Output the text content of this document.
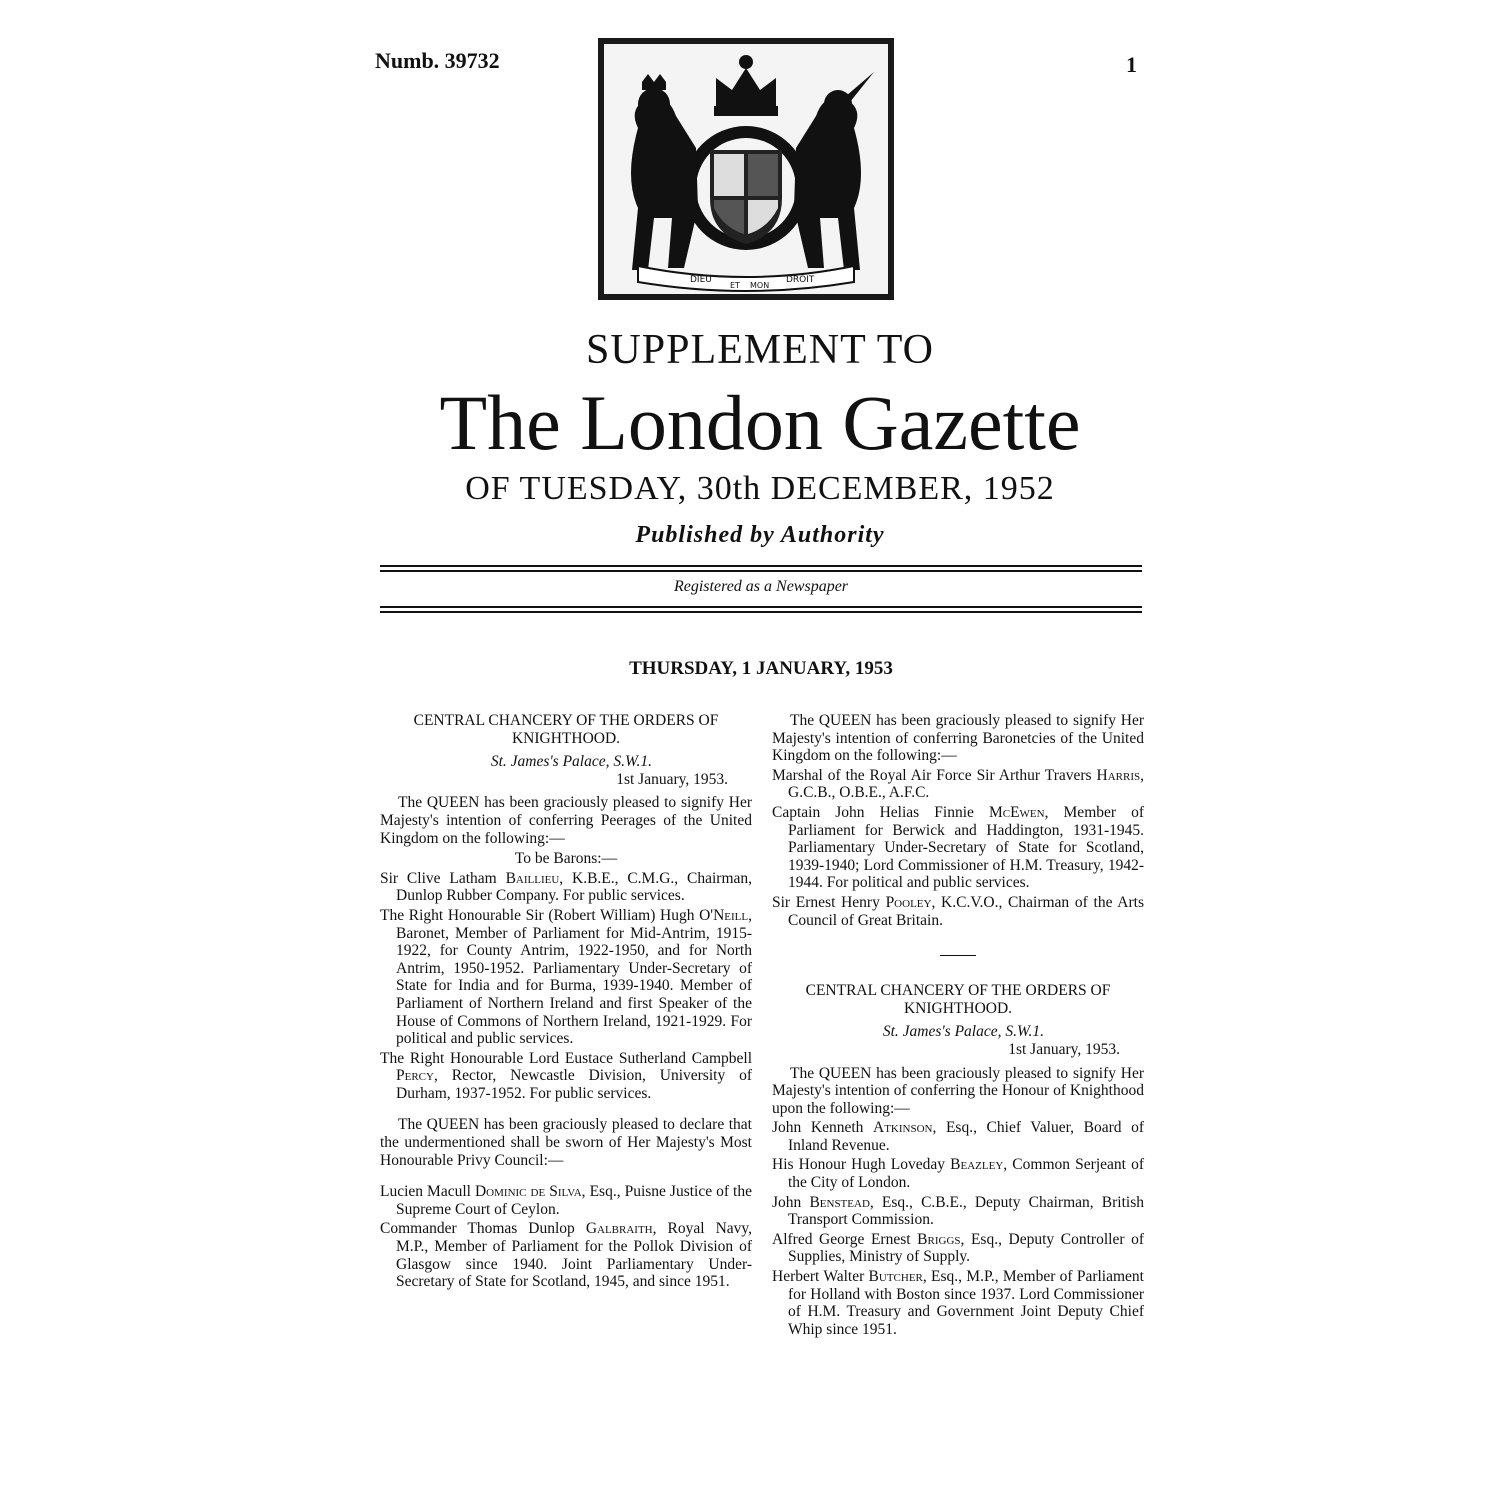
Numb. 39732	1
DIEU
ET MON
DROIT
SUPPLEMENT TO
The London Gazette
OF TUESDAY, 30th DECEMBER, 1952
Published by Authority
Registered as a Newspaper
THURSDAY, 1 JANUARY, 1953

CENTRAL CHANCERY OF THE ORDERS OF KNIGHTHOOD.

St. James's Palace, S.W.1.

1st January, 1953.

The QUEEN has been graciously pleased to signify Her Majesty's intention of conferring Peerages of the United Kingdom on the following:—

To be Barons:—

Sir Clive Latham Baillieu, K.B.E., C.M.G., Chairman, Dunlop Rubber Company. For public services.

The Right Honourable Sir (Robert William) Hugh O'Neill, Baronet, Member of Parliament for Mid-Antrim, 1915-1922, for County Antrim, 1922-1950, and for North Antrim, 1950-1952. Parliamentary Under-Secretary of State for India and for Burma, 1939-1940. Member of Parliament of Northern Ireland and first Speaker of the House of Commons of Northern Ireland, 1921-1929. For political and public services.

The Right Honourable Lord Eustace Sutherland Campbell Percy, Rector, Newcastle Division, University of Durham, 1937-1952. For public services.

The QUEEN has been graciously pleased to declare that the undermentioned shall be sworn of Her Majesty's Most Honourable Privy Council:—

Lucien Macull Dominic de Silva, Esq., Puisne Justice of the Supreme Court of Ceylon.

Commander Thomas Dunlop Galbraith, Royal Navy, M.P., Member of Parliament for the Pollok Division of Glasgow since 1940. Joint Parliamentary Under-Secretary of State for Scotland, 1945, and since 1951.

The QUEEN has been graciously pleased to signify Her Majesty's intention of conferring Baronetcies of the United Kingdom on the following:—

Marshal of the Royal Air Force Sir Arthur Travers Harris, G.C.B., O.B.E., A.F.C.

Captain John Helias Finnie McEwen, Member of Parliament for Berwick and Haddington, 1931-1945. Parliamentary Under-Secretary of State for Scotland, 1939-1940; Lord Commissioner of H.M. Treasury, 1942-1944. For political and public services.

Sir Ernest Henry Pooley, K.C.V.O., Chairman of the Arts Council of Great Britain.

CENTRAL CHANCERY OF THE ORDERS OF KNIGHTHOOD.

St. James's Palace, S.W.1.

1st January, 1953.

The QUEEN has been graciously pleased to signify Her Majesty's intention of conferring the Honour of Knighthood upon the following:—

John Kenneth Atkinson, Esq., Chief Valuer, Board of Inland Revenue.

His Honour Hugh Loveday Beazley, Common Serjeant of the City of London.

John Benstead, Esq., C.B.E., Deputy Chairman, British Transport Commission.

Alfred George Ernest Briggs, Esq., Deputy Controller of Supplies, Ministry of Supply.

Herbert Walter Butcher, Esq., M.P., Member of Parliament for Holland with Boston since 1937. Lord Commissioner of H.M. Treasury and Government Joint Deputy Chief Whip since 1951.
